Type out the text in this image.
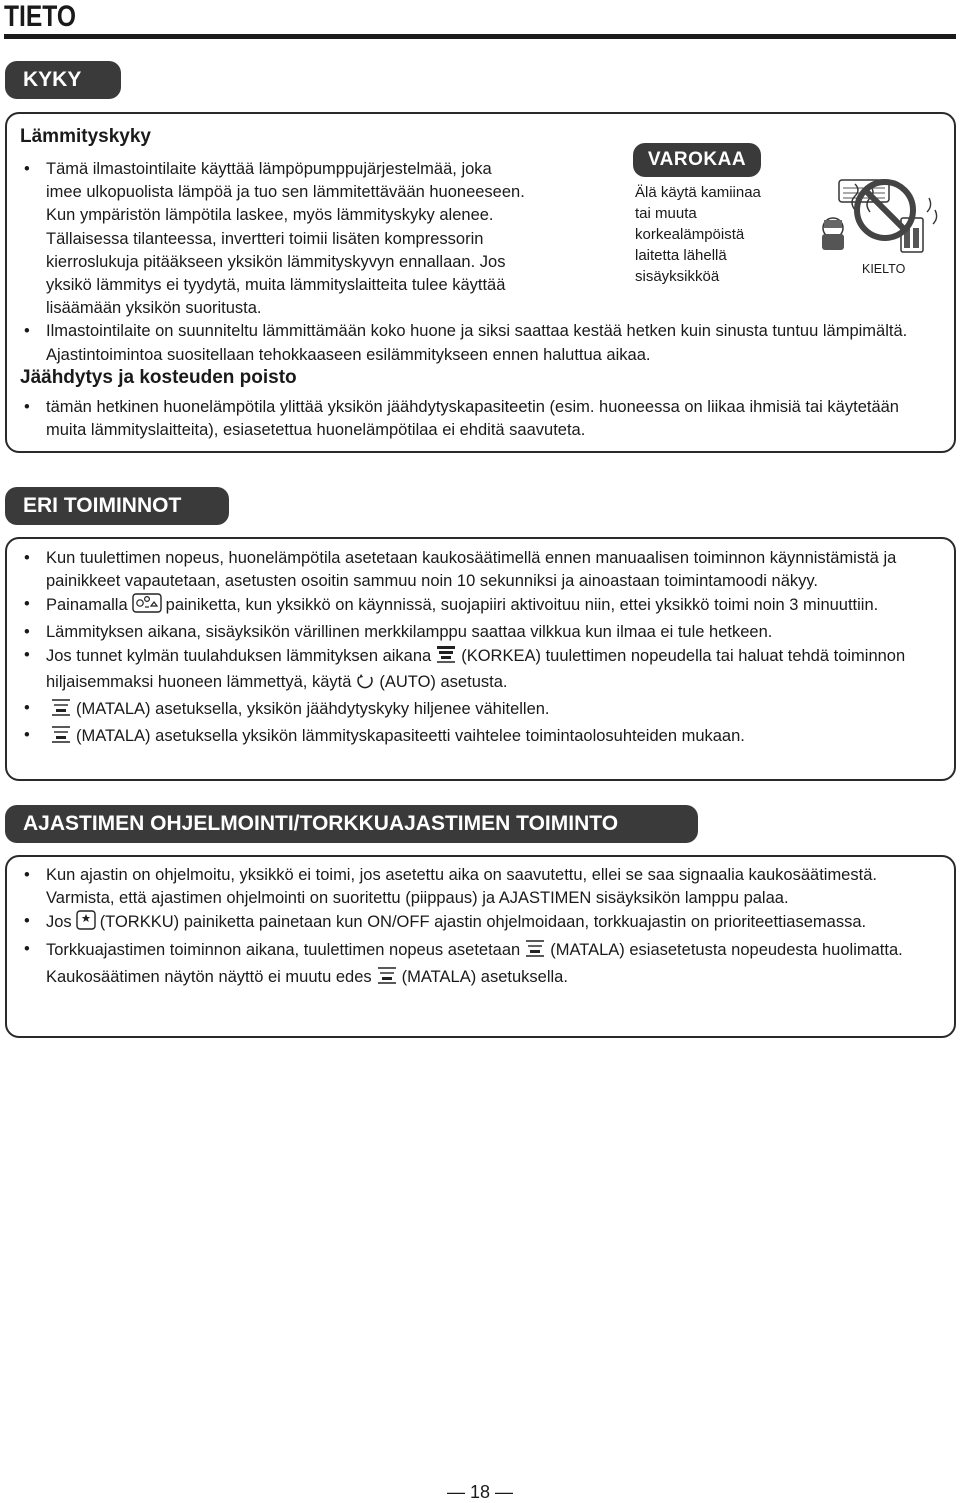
TIETO
KYKY
Lämmityskyky
• Tämä ilmastointilaite käyttää lämpöpumppujärjestelmää, joka
imee ulkopuolista lämpöä ja tuo sen lämmitettävään huoneeseen.
Kun ympäristön lämpötila laskee, myös lämmityskyky alenee.
Tällaisessa tilanteessa, invertteri toimii lisäten kompressorin
kierroslukuja pitääkseen yksikön lämmityskyvyn ennallaan. Jos
yksikö lämmitys ei tyydytä, muita lämmityslaitteita tulee käyttää
lisäämään yksikön suoritusta.
• Ilmastointilaite on suunniteltu lämmittämään koko huone ja siksi saattaa kestää hetken kuin sinusta tuntuu lämpimältä. Ajastintoimintoa suositellaan tehokkaaseen esilämmitykseen ennen haluttua aikaa.
VAROKAA
Älä käytä kamiinaa
tai muuta
korkealämpöistä
laitetta lähellä
sisäyksikköä	KIELTO
Jäähdytys ja kosteuden poisto
• tämän hetkinen huonelämpötila ylittää yksikön jäähdytyskapasiteetin (esim. huoneessa on liikaa ihmisiä tai käytetään muita lämmityslaitteita), esiasetettua huonelämpötilaa ei ehditä saavuteta.
ERI TOIMINNOT
• Kun tuulettimen nopeus, huonelämpötila asetetaan kaukosäätimellä ennen manuaalisen toiminnon käynnistämistä ja painikkeet vapautetaan, asetusten osoitin sammuu noin 10 sekunniksi ja ainoastaan toimintamoodi näkyy.
• Painamalla painiketta, kun yksikkö on käynnissä, suojapiiri aktivoituu niin, ettei yksikkö toimi noin 3 minuuttiin.
• Lämmityksen aikana, sisäyksikön värillinen merkkilamppu saattaa vilkkua kun ilmaa ei tule hetkeen.
• Jos tunnet kylmän tuulahduksen lämmityksen aikana (KORKEA) tuulettimen nopeudella tai haluat tehdä toiminnon hiljaisemmaksi huoneen lämmettyä, käytä (AUTO) asetusta.
• (MATALA) asetuksella, yksikön jäähdytyskyky hiljenee vähitellen.
• (MATALA) asetuksella yksikön lämmityskapasiteetti vaihtelee toimintaolosuhteiden mukaan.
AJASTIMEN OHJELMOINTI/TORKKUAJASTIMEN TOIMINTO
• Kun ajastin on ohjelmoitu, yksikkö ei toimi, jos asetettu aika on saavutettu, ellei se saa signaalia kaukosäätimestä. Varmista, että ajastimen ohjelmointi on suoritettu (piippaus) ja AJASTIMEN sisäyksikön lamppu palaa.
• Jos (TORKKU) painiketta painetaan kun ON/OFF ajastin ohjelmoidaan, torkkuajastin on prioriteettiasemassa.
• Torkkuajastimen toiminnon aikana, tuulettimen nopeus asetetaan (MATALA) esiasetetusta nopeudesta huolimatta. Kaukosäätimen näytön näyttö ei muutu edes (MATALA) asetuksella.
— 18 —
